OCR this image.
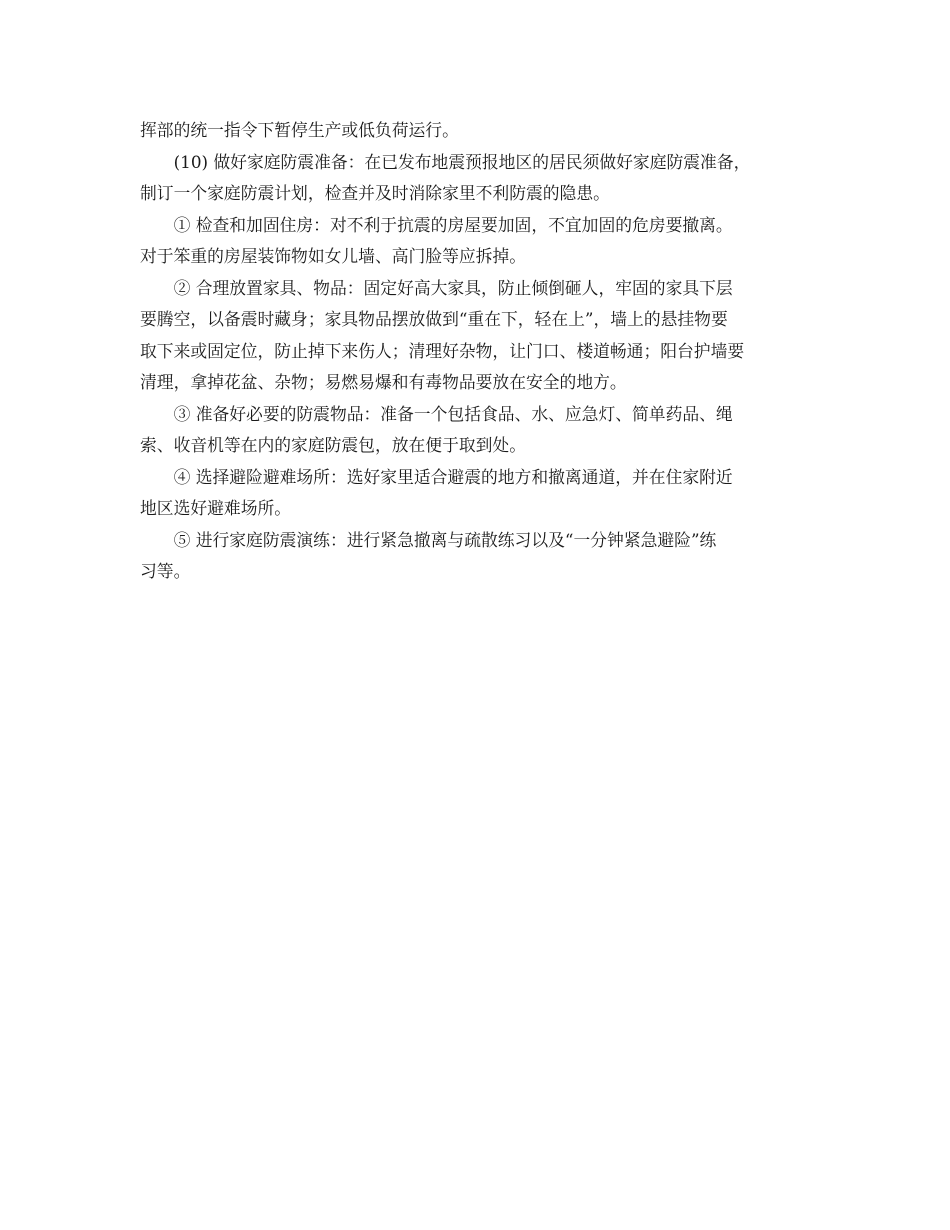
挥部的统一指令下暂停生产或低负荷运行。

(10) 做好家庭防震准备：在已发布地震预报地区的居民须做好家庭防震准备，
制订一个家庭防震计划，检查并及时消除家里不利防震的隐患。

① 检查和加固住房：对不利于抗震的房屋要加固，不宜加固的危房要撤离。
对于笨重的房屋装饰物如女儿墙、高门脸等应拆掉。

② 合理放置家具、物品：固定好高大家具，防止倾倒砸人，牢固的家具下层
要腾空，以备震时藏身；家具物品摆放做到“重在下，轻在上”，墙上的悬挂物要
取下来或固定位，防止掉下来伤人；清理好杂物，让门口、楼道畅通；阳台护墙要
清理，拿掉花盆、杂物；易燃易爆和有毒物品要放在安全的地方。

③ 准备好必要的防震物品：准备一个包括食品、水、应急灯、简单药品、绳
索、收音机等在内的家庭防震包，放在便于取到处。

④ 选择避险避难场所：选好家里适合避震的地方和撤离通道，并在住家附近
地区选好避难场所。

⑤ 进行家庭防震演练：进行紧急撤离与疏散练习以及“一分钟紧急避险”练
习等。
